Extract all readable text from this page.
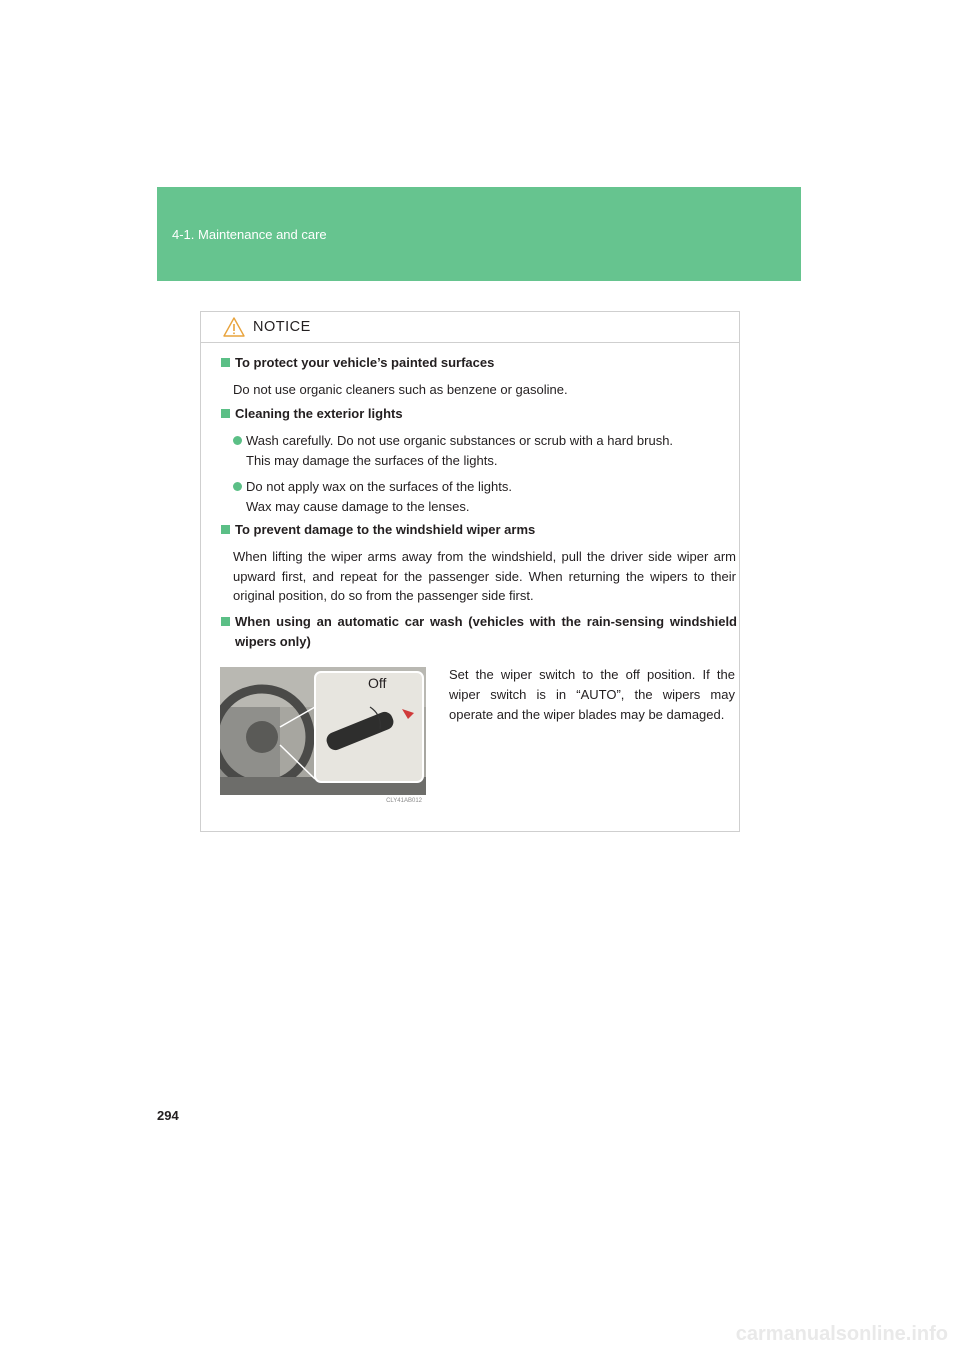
4-1. Maintenance and care
NOTICE
To protect your vehicle’s painted surfaces
Do not use organic cleaners such as benzene or gasoline.
Cleaning the exterior lights
Wash carefully. Do not use organic substances or scrub with a hard brush.
This may damage the surfaces of the lights.
Do not apply wax on the surfaces of the lights.
Wax may cause damage to the lenses.
To prevent damage to the windshield wiper arms
When lifting the wiper arms away from the windshield, pull the driver side wiper arm upward first, and repeat for the passenger side. When returning the wipers to their original position, do so from the passenger side first.
When using an automatic car wash (vehicles with the rain-sensing windshield wipers only)
Off
CLY41AB012
Set the wiper switch to the off position. If the wiper switch is in “AUTO”, the wipers may operate and the wiper blades may be damaged.
294
carmanualsonline.info
